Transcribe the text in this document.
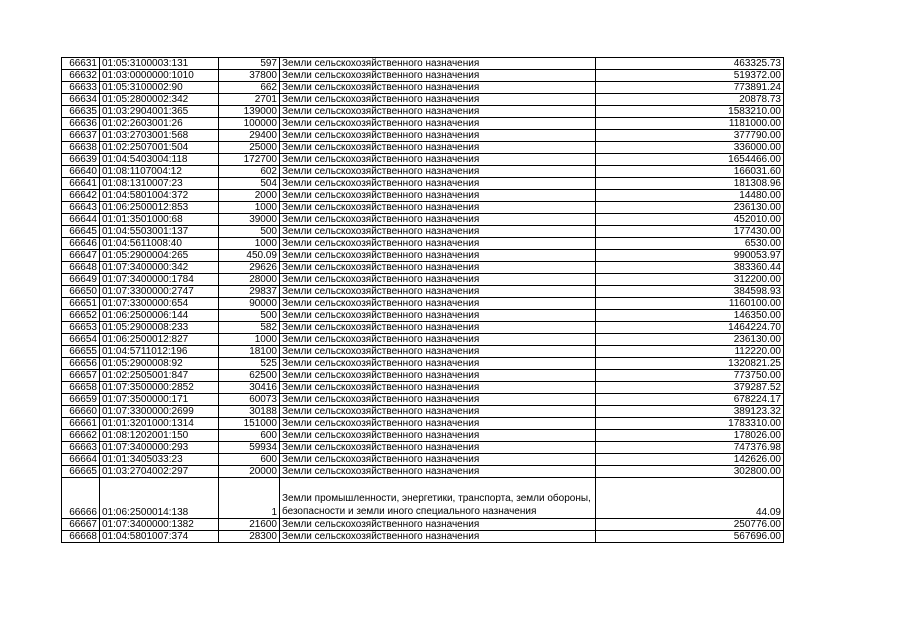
66631	01:05:3100003:131	597	Земли сельскохозяйственного назначения	463325.73
66632	01:03:0000000:1010	37800	Земли сельскохозяйственного назначения	519372.00
66633	01:05:3100002:90	662	Земли сельскохозяйственного назначения	773891.24
66634	01:05:2800002:342	2701	Земли сельскохозяйственного назначения	20878.73
66635	01:03:2904001:365	139000	Земли сельскохозяйственного назначения	1583210.00
66636	01:02:2603001:26	100000	Земли сельскохозяйственного назначения	1181000.00
66637	01:03:2703001:568	29400	Земли сельскохозяйственного назначения	377790.00
66638	01:02:2507001:504	25000	Земли сельскохозяйственного назначения	336000.00
66639	01:04:5403004:118	172700	Земли сельскохозяйственного назначения	1654466.00
66640	01:08:1107004:12	602	Земли сельскохозяйственного назначения	166031.60
66641	01:08:1310007:23	504	Земли сельскохозяйственного назначения	181308.96
66642	01:04:5801004:372	2000	Земли сельскохозяйственного назначения	14480.00
66643	01:06:2500012:853	1000	Земли сельскохозяйственного назначения	236130.00
66644	01:01:3501000:68	39000	Земли сельскохозяйственного назначения	452010.00
66645	01:04:5503001:137	500	Земли сельскохозяйственного назначения	177430.00
66646	01:04:5611008:40	1000	Земли сельскохозяйственного назначения	6530.00
66647	01:05:2900004:265	450.09	Земли сельскохозяйственного назначения	990053.97
66648	01:07:3400000:342	29626	Земли сельскохозяйственного назначения	383360.44
66649	01:07:3400000:1784	28000	Земли сельскохозяйственного назначения	312200.00
66650	01:07:3300000:2747	29837	Земли сельскохозяйственного назначения	384598.93
66651	01:07:3300000:654	90000	Земли сельскохозяйственного назначения	1160100.00
66652	01:06:2500006:144	500	Земли сельскохозяйственного назначения	146350.00
66653	01:05:2900008:233	582	Земли сельскохозяйственного назначения	1464224.70
66654	01:06:2500012:827	1000	Земли сельскохозяйственного назначения	236130.00
66655	01:04:5711012:196	18100	Земли сельскохозяйственного назначения	112220.00
66656	01:05:2900008:92	525	Земли сельскохозяйственного назначения	1320821.25
66657	01:02:2505001:847	62500	Земли сельскохозяйственного назначения	773750.00
66658	01:07:3500000:2852	30416	Земли сельскохозяйственного назначения	379287.52
66659	01:07:3500000:171	60073	Земли сельскохозяйственного назначения	678224.17
66660	01:07:3300000:2699	30188	Земли сельскохозяйственного назначения	389123.32
66661	01:01:3201000:1314	151000	Земли сельскохозяйственного назначения	1783310.00
66662	01:08:1202001:150	600	Земли сельскохозяйственного назначения	178026.00
66663	01:07:3400000:293	59934	Земли сельскохозяйственного назначения	747376.98
66664	01:01:3405033:23	600	Земли сельскохозяйственного назначения	142626.00
66665	01:03:2704002:297	20000	Земли сельскохозяйственного назначения	302800.00
66666	01:06:2500014:138	1	Земли промышленности, энергетики, транспорта, земли обороны, безопасности и земли иного специального назначения	44.09
66667	01:07:3400000:1382	21600	Земли сельскохозяйственного назначения	250776.00
66668	01:04:5801007:374	28300	Земли сельскохозяйственного назначения	567696.00
